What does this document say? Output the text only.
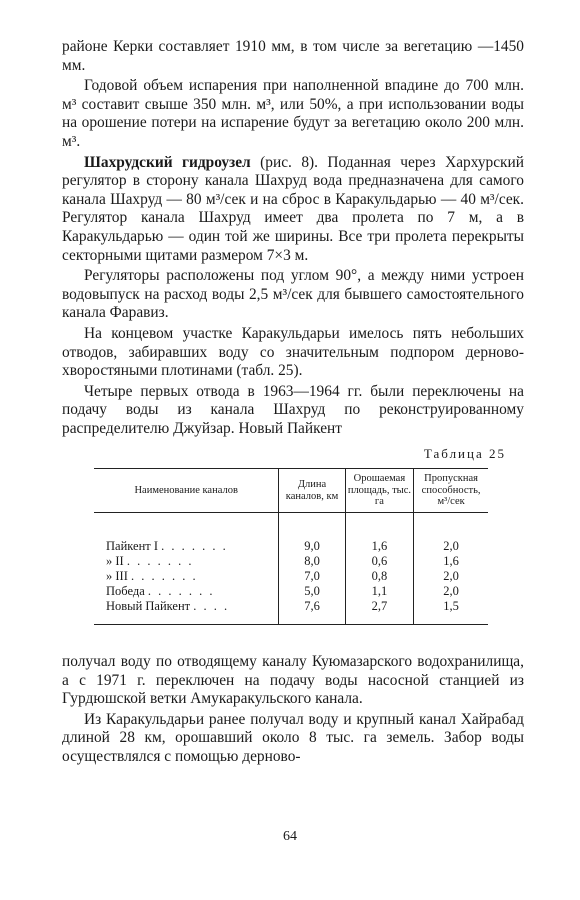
районе Керки составляет 1910 мм, в том числе за вегетацию —1450 мм.

Годовой объем испарения при наполненной впадине до 700 млн. м³ составит свыше 350 млн. м³, или 50%, а при использовании воды на орошение потери на испарение будут за вегетацию около 200 млн. м³.

Шахрудский гидроузел (рис. 8). Поданная через Хархурский регулятор в сторону канала Шахруд вода предназначена для самого канала Шахруд — 80 м³/сек и на сброс в Каракульдарью — 40 м³/сек. Регулятор канала Шахруд имеет два пролета по 7 м, а в Каракульдарью — один той же ширины. Все три пролета перекрыты секторными щитами размером 7×3 м.

Регуляторы расположены под углом 90°, а между ними устроен водовыпуск на расход воды 2,5 м³/сек для бывшего самостоятельного канала Фаравиз.

На концевом участке Каракульдарьи имелось пять небольших отводов, забиравших воду со значительным подпором дерново-хворостяными плотинами (табл. 25).

Четыре первых отвода в 1963—1964 гг. были переключены на подачу воды из канала Шахруд по реконструированному распределителю Джуйзар. Новый Пайкент

Таблица 25
Наименование каналов	Длина каналов, км	Орошаемая площадь, тыс. га	Пропускная способность, м³/сек
Пайкент I . . . . . . .	9,0	1,6	2,0
» II . . . . . . .	8,0	0,6	1,6
» III . . . . . . .	7,0	0,8	2,0
Победа . . . . . . .	5,0	1,1	2,0
Новый Пайкент . . . .	7,6	2,7	1,5

получал воду по отводящему каналу Куюмазарского водохранилища, а с 1971 г. переключен на подачу воды насосной станцией из Гурдюшской ветки Амукаракульского канала.

Из Каракульдарьи ранее получал воду и крупный канал Хайрабад длиной 28 км, орошавший около 8 тыс. га земель. Забор воды осуществлялся с помощью дерново-

64
